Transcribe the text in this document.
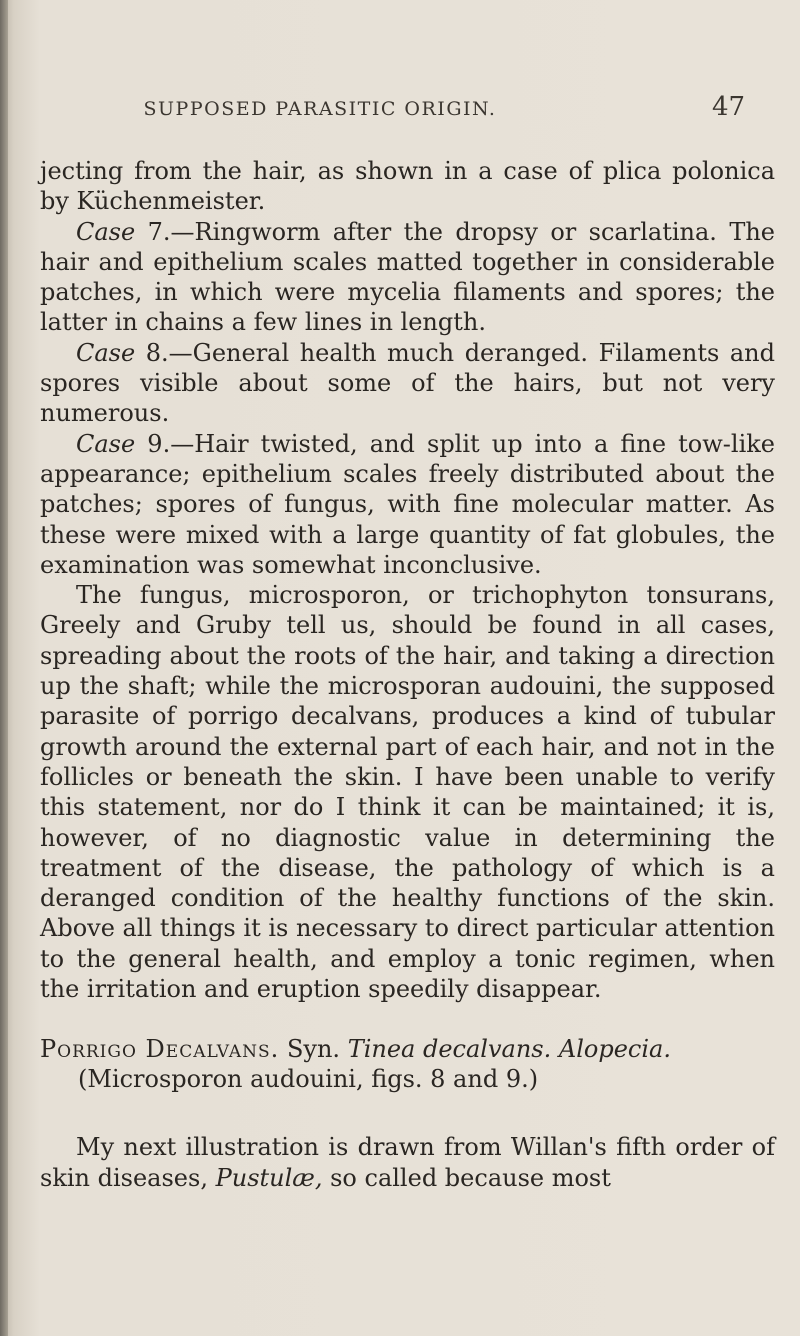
SUPPOSED PARASITIC ORIGIN.	47

jecting from the hair, as shown in a case of plica polonica by Küchenmeister.

Case 7.—Ringworm after the dropsy or scarlatina. The hair and epithelium scales matted together in considerable patches, in which were mycelia filaments and spores; the latter in chains a few lines in length.

Case 8.—General health much deranged. Filaments and spores visible about some of the hairs, but not very numerous.

Case 9.—Hair twisted, and split up into a fine tow-like appearance; epithelium scales freely distributed about the patches; spores of fungus, with fine molecular matter. As these were mixed with a large quantity of fat globules, the examination was somewhat inconclusive.

The fungus, microsporon, or trichophyton tonsurans, Greely and Gruby tell us, should be found in all cases, spreading about the roots of the hair, and taking a direction up the shaft; while the microsporan audouini, the supposed parasite of porrigo decalvans, produces a kind of tubular growth around the external part of each hair, and not in the follicles or beneath the skin. I have been unable to verify this statement, nor do I think it can be maintained; it is, however, of no diagnostic value in determining the treatment of the disease, the pathology of which is a deranged condition of the healthy functions of the skin. Above all things it is necessary to direct particular attention to the general health, and employ a tonic regimen, when the irritation and eruption speedily disappear.

Porrigo Decalvans. Syn. Tinea decalvans. Alopecia.

(Microsporon audouini, figs. 8 and 9.)

My next illustration is drawn from Willan's fifth order of skin diseases, Pustulæ, so called because most
